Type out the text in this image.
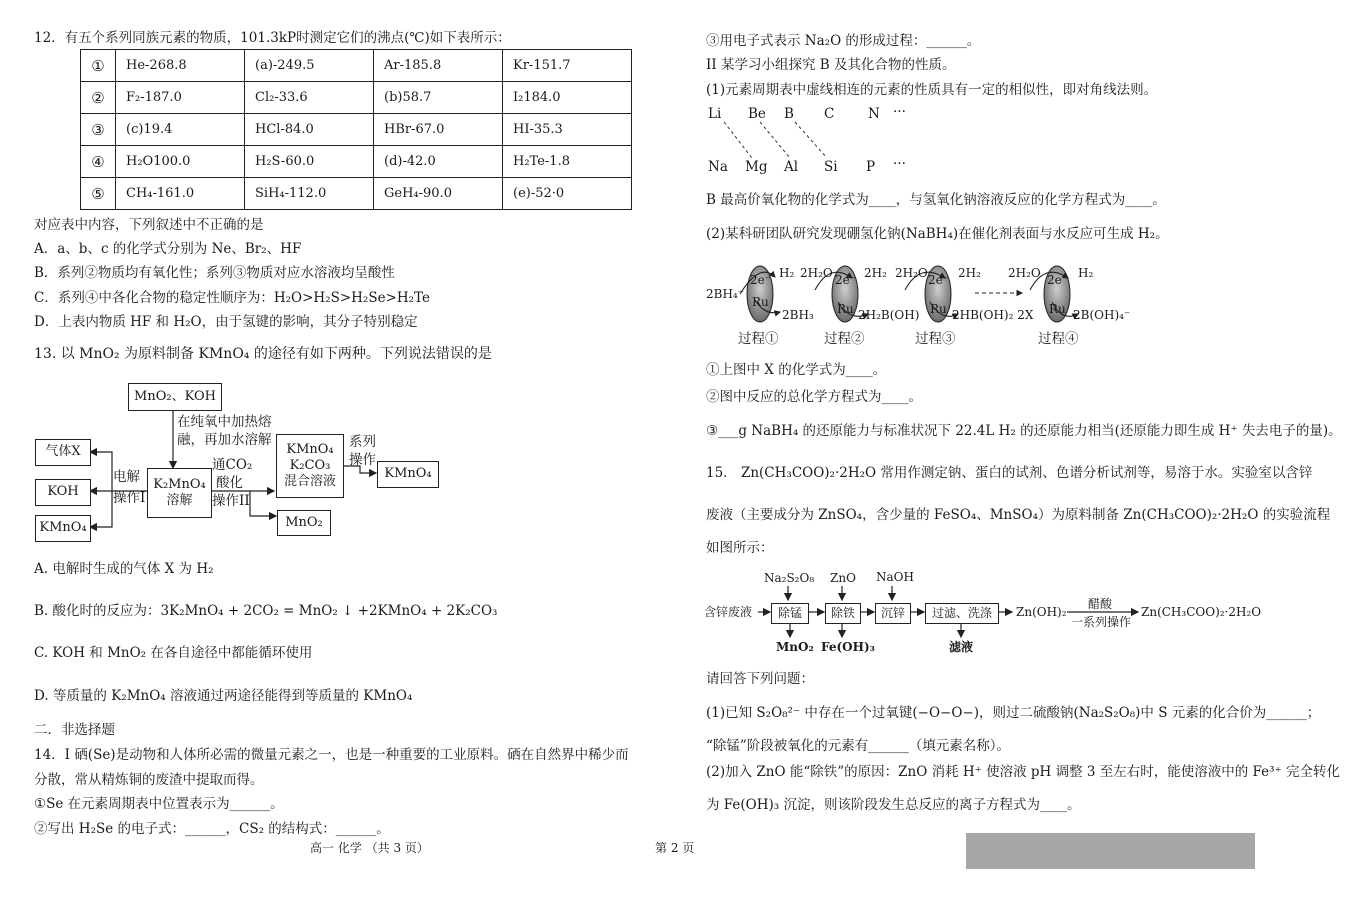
12．有五个系列同族元素的物质，101.3kP时测定它们的沸点(℃)如下表所示：
①	He-268.8	(a)-249.5	Ar-185.8	Kr-151.7
②	F₂-187.0	Cl₂-33.6	(b)58.7	I₂184.0
③	(c)19.4	HCl-84.0	HBr-67.0	HI-35.3
④	H₂O100.0	H₂S-60.0	(d)-42.0	H₂Te-1.8
⑤	CH₄-161.0	SiH₄-112.0	GeH₄-90.0	(e)-52·0
对应表中内容，下列叙述中不正确的是
A．a、b、c 的化学式分别为 Ne、Br₂、HF
B．系列②物质均有氧化性；系列③物质对应水溶液均呈酸性
C．系列④中各化合物的稳定性顺序为：H₂O>H₂S>H₂Se>H₂Te
D．上表内物质 HF 和 H₂O，由于氢键的影响，其分子特别稳定
13. 以 MnO₂ 为原料制备 KMnO₄ 的途径有如下两种。下列说法错误的是
MnO₂、KOH
在纯氧中加热熔
融，再加水溶解
气体X
KOH
KMnO₄
电解
操作I
K₂MnO₄
溶解
通CO₂
酸化
操作II
KMnO₄
K₂CO₃
混合溶液
系列
操作
KMnO₄
MnO₂
A. 电解时生成的气体 X 为 H₂
B. 酸化时的反应为：3K₂MnO₄ + 2CO₂ = MnO₂ ↓ +2KMnO₄ + 2K₂CO₃
C. KOH 和 MnO₂ 在各自途径中都能循环使用
D. 等质量的 K₂MnO₄ 溶液通过两途径能得到等质量的 KMnO₄
二．非选择题
14．I 硒(Se)是动物和人体所必需的微量元素之一，也是一种重要的工业原料。硒在自然界中稀少而
分散，常从精炼铜的废渣中提取而得。
①Se 在元素周期表中位置表示为______。
②写出 H₂Se 的电子式：______，CS₂ 的结构式：______。
高一 化学 （共 3 页）	第 2 页
③用电子式表示 Na₂O 的形成过程：______。
II 某学习小组探究 B 及其化合物的性质。
(1)元素周期表中虚线相连的元素的性质具有一定的相似性，即对角线法则。
Li Be B C N ···
Na Mg Al Si P ···
B 最高价氧化物的化学式为____，与氢氧化钠溶液反应的化学方程式为____。
(2)某科研团队研究发现硼氢化钠(NaBH₄)在催化剂表面与水反应可生成 H₂。
2BH₄⁻
2e⁻
Ru
2e⁻
Ru
2e⁻
Ru
2e⁻
Ru
H₂ 2H₂O	2H₂ 2H₂O	2H₂ 2H₂O	H₂
2BH₃	2H₂B(OH)	2HB(OH)₂ 2X	2B(OH)₄⁻
过程①	过程②	过程③	过程④
①上图中 X 的化学式为____。
②图中反应的总化学方程式为____。
③___g NaBH₄ 的还原能力与标准状况下 22.4L H₂ 的还原能力相当(还原能力即生成 H⁺ 失去电子的量)。
15． Zn(CH₃COO)₂·2H₂O 常用作测定钠、蛋白的试剂、色谱分析试剂等，易溶于水。实验室以含锌
废液（主要成分为 ZnSO₄，含少量的 FeSO₄、MnSO₄）为原料制备 Zn(CH₃COO)₂·2H₂O 的实验流程
如图所示：
Na₂S₂O₈ ZnO NaOH
含锌废液	除锰	除铁	沉锌	过滤、洗涤	Zn(OH)₂
醋酸
一系列操作
Zn(CH₃COO)₂·2H₂O
MnO₂ Fe(OH)₃	滤液
请回答下列问题：
(1)已知 S₂O₈²⁻ 中存在一个过氧键(−O−O−)，则过二硫酸钠(Na₂S₂O₈)中 S 元素的化合价为______；
“除锰”阶段被氧化的元素有______（填元素名称）。
(2)加入 ZnO 能“除铁”的原因：ZnO 消耗 H⁺ 使溶液 pH 调整 3 至左右时，能使溶液中的 Fe³⁺ 完全转化
为 Fe(OH)₃ 沉淀，则该阶段发生总反应的离子方程式为____。
